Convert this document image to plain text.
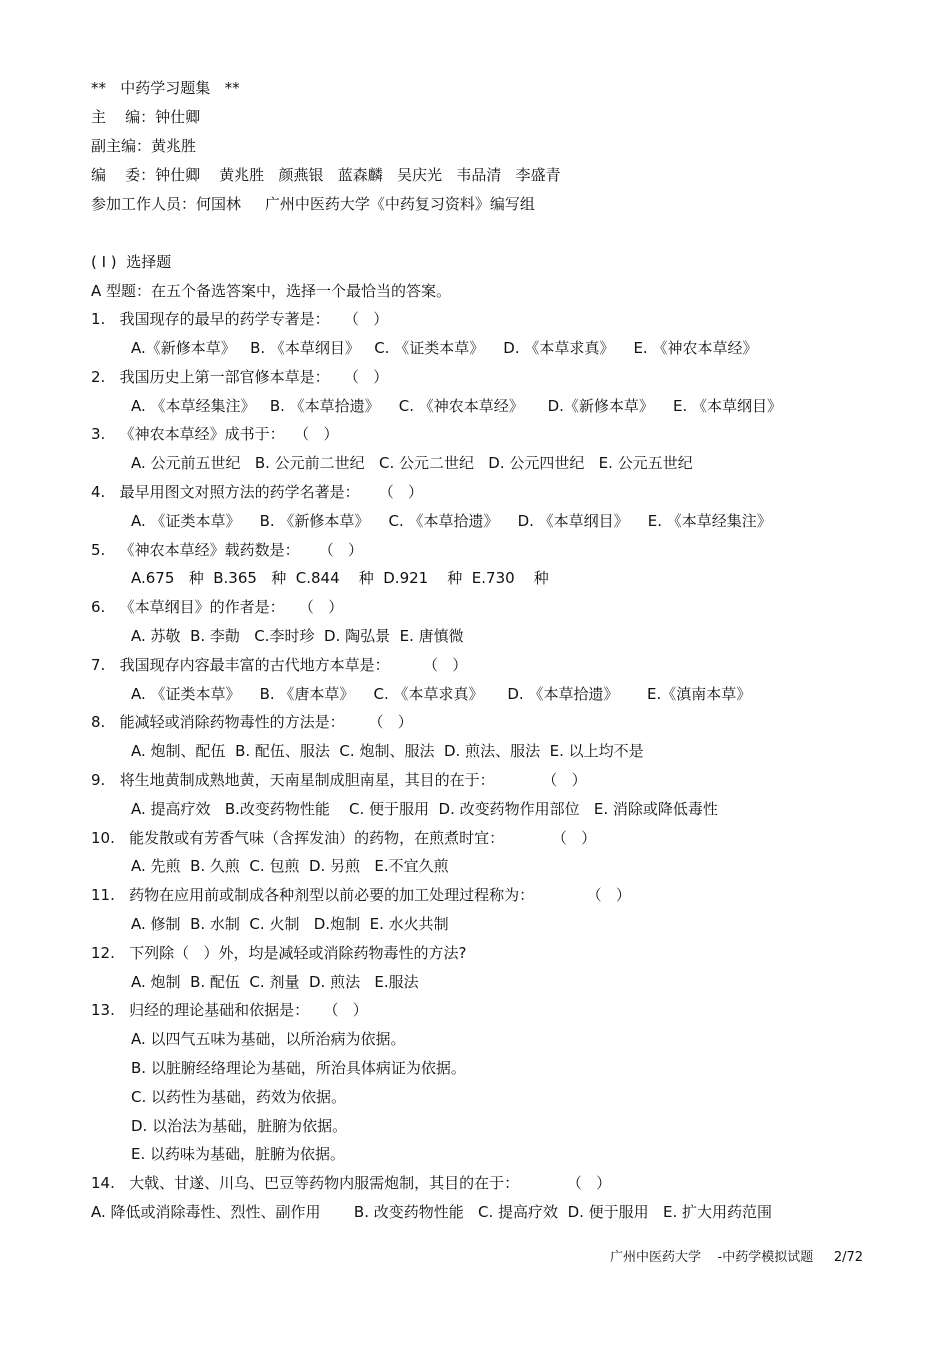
**   中药学习题集   **
主    编：钟仕卿
副主编：黄兆胜
编    委：钟仕卿    黄兆胜   颜燕银   蓝森麟   吴庆光   韦品清   李盛青
参加工作人员：何国林     广州中医药大学《中药复习资料》编写组
( Ⅰ )  选择题
A 型题：在五个备选答案中，选择一个最恰当的答案。
1.   我国现存的最早的药学专著是：   （   ）
A.《新修本草》   B. 《本草纲目》   C. 《证类本草》    D. 《本草求真》    E. 《神农本草经》
2.   我国历史上第一部官修本草是：   （   ）
A. 《本草经集注》   B. 《本草拾遗》    C. 《神农本草经》     D.《新修本草》    E. 《本草纲目》
3.   《神农本草经》成书于：  （   ）
A. 公元前五世纪   B. 公元前二世纪   C. 公元二世纪   D. 公元四世纪   E. 公元五世纪
4.   最早用图文对照方法的药学名著是：    （   ）
A. 《证类本草》    B. 《新修本草》    C. 《本草拾遗》    D. 《本草纲目》    E. 《本草经集注》
5.   《神农本草经》载药数是：    （   ）
A.675   种  B.365   种  C.844    种  D.921    种  E.730    种
6.   《本草纲目》的作者是：   （   ）
A. 苏敬  B. 李勣   C.李时珍  D. 陶弘景  E. 唐慎微
7.   我国现存内容最丰富的古代地方本草是：       （   ）
A. 《证类本草》    B. 《唐本草》    C. 《本草求真》     D. 《本草拾遗》      E.《滇南本草》
8.   能减轻或消除药物毒性的方法是：     （   ）
A. 炮制、配伍  B. 配伍、服法  C. 炮制、服法  D. 煎法、服法  E. 以上均不是
9.   将生地黄制成熟地黄，天南星制成胆南星，其目的在于：          （   ）
A. 提高疗效   B.改变药物性能    C. 便于服用  D. 改变药物作用部位   E. 消除或降低毒性
10.   能发散或有芳香气味（含挥发油）的药物，在煎煮时宜：          （   ）
A. 先煎  B. 久煎  C. 包煎  D. 另煎   E.不宜久煎
11.   药物在应用前或制成各种剂型以前必要的加工处理过程称为：           （   ）
A. 修制  B. 水制  C. 火制   D.炮制  E. 水火共制
12.   下列除（   ）外，均是减轻或消除药物毒性的方法?
A. 炮制  B. 配伍  C. 剂量  D. 煎法   E.服法
13.   归经的理论基础和依据是：   （   ）
A. 以四气五味为基础，以所治病为依据。
B. 以脏腑经络理论为基础，所治具体病证为依据。
C. 以药性为基础，药效为依据。
D. 以治法为基础，脏腑为依据。
E. 以药味为基础，脏腑为依据。
14.   大戟、甘遂、川乌、巴豆等药物内服需炮制，其目的在于：          （   ）
A. 降低或消除毒性、烈性、副作用       B. 改变药物性能   C. 提高疗效  D. 便于服用   E. 扩大用药范围
广州中医药大学    -中药学模拟试题     2/72
